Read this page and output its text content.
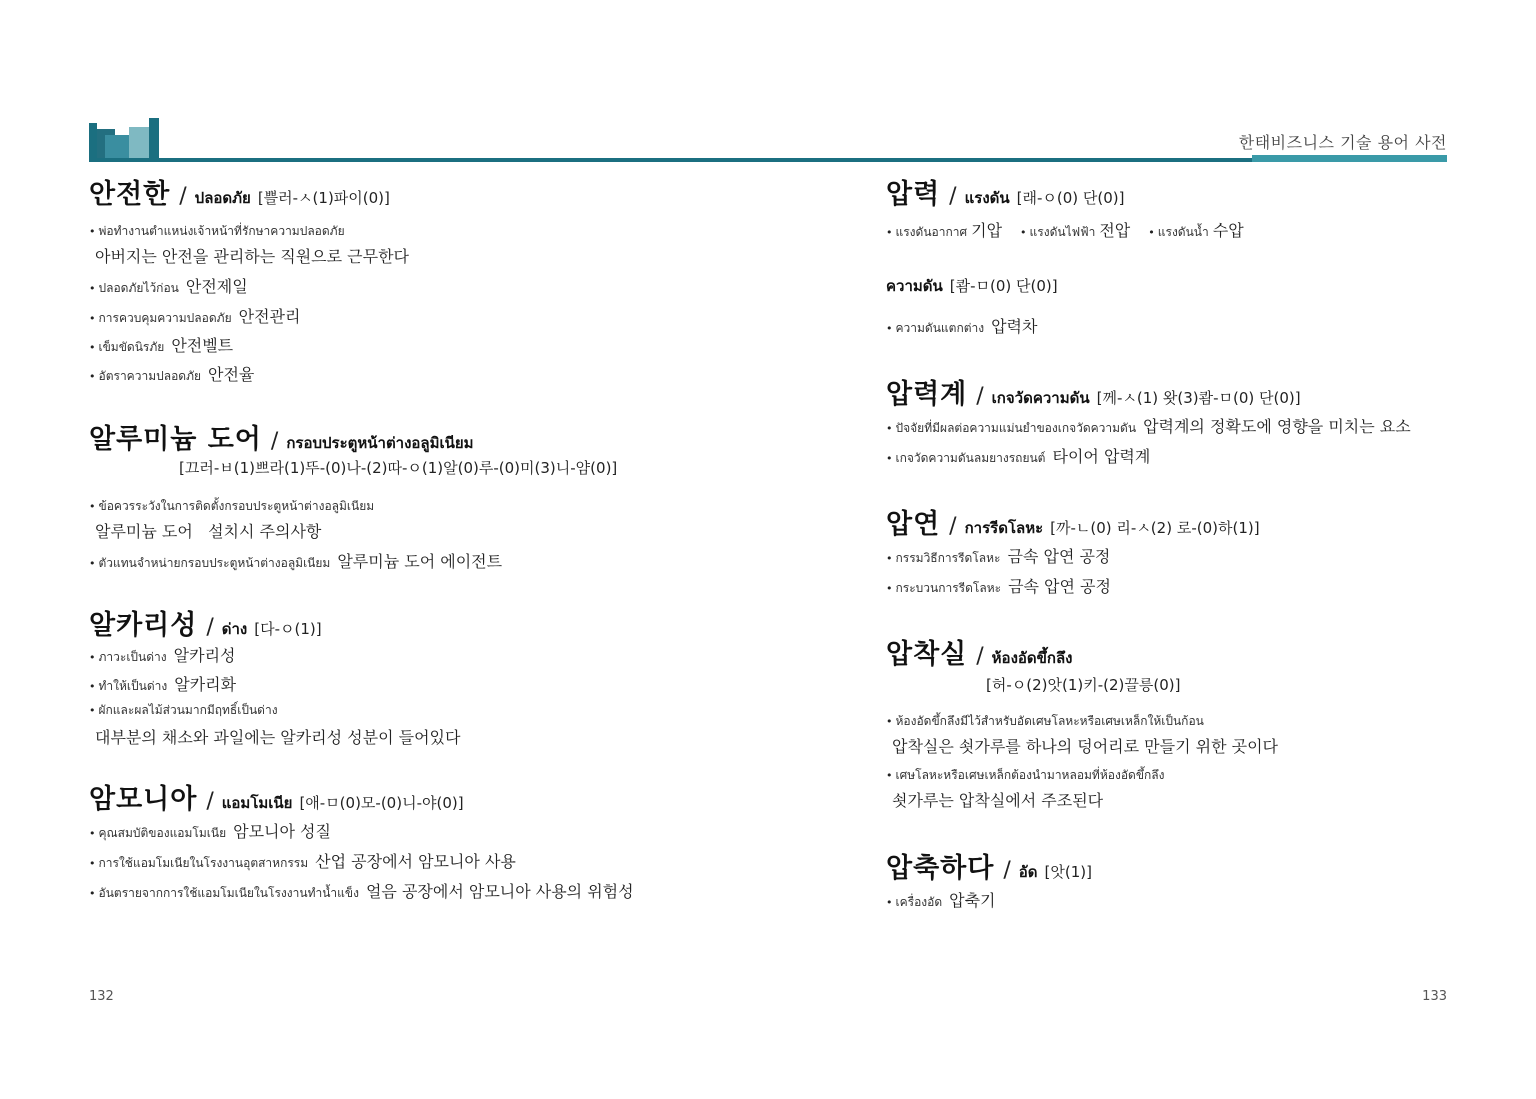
한태비즈니스 기술 용어 사전
안전한 / ปลอดภัย [쁠러-ㅅ(1)파이(0)]
• พ่อทำงานตำแหน่งเจ้าหน้าที่รักษาความปลอดภัย
아버지는 안전을 관리하는 직원으로 근무한다
• ปลอดภัยไว้ก่อน 안전제일
• การควบคุมความปลอดภัย 안전관리
• เข็มขัดนิรภัย 안전벨트
• อัตราความปลอดภัย 안전율
알루미늄 도어 / กรอบประตูหน้าต่างอลูมิเนียม
[끄러-ㅂ(1)쁘라(1)뚜-(0)나-(2)따-ㅇ(1)알(0)루-(0)미(3)니-얌(0)]
• ข้อควรระวังในการติดตั้งกรอบประตูหน้าต่างอลูมิเนียม
알루미늄 도어   설치시 주의사항
• ตัวแทนจำหน่ายกรอบประตูหน้าต่างอลูมิเนียม 알루미늄 도어 에이전트
알카리성 / ด่าง [다-ㅇ(1)]
• ภาวะเป็นด่าง 알카리성
• ทำให้เป็นด่าง 알카리화
• ผักและผลไม้ส่วนมากมีฤทธิ์เป็นด่าง
대부분의 채소와 과일에는 알카리성 성분이 들어있다
암모니아 / แอมโมเนีย [애-ㅁ(0)모-(0)니-야(0)]
• คุณสมบัติของแอมโมเนีย 암모니아 성질
• การใช้แอมโมเนียในโรงงานอุตสาหกรรม 산업 공장에서 암모니아 사용
• อันตรายจากการใช้แอมโมเนียในโรงงานทำน้ำแข็ง 얼음 공장에서 암모니아 사용의 위험성
압력 / แรงดัน [래-ㅇ(0) 단(0)]
• แรงดันอากาศ 기압 • แรงดันไฟฟ้า 전압 • แรงดันน้ำ 수압
ความดัน [쾀-ㅁ(0) 단(0)]
• ความดันแตกต่าง 압력차
압력계 / เกจวัดความดัน [께-ㅅ(1) 왓(3)쾀-ㅁ(0) 단(0)]
• ปัจจัยที่มีผลต่อความแม่นยำของเกจวัดความดัน 압력계의 정확도에 영향을 미치는 요소
• เกจวัดความดันลมยางรถยนต์ 타이어 압력계
압연 / การรีดโลหะ [까-ㄴ(0) 리-ㅅ(2) 로-(0)하(1)]
• กรรมวิธีการรีดโลหะ 금속 압연 공정
• กระบวนการรีดโลหะ 금속 압연 공정
압착실 / ห้องอัดขึ้กลึง
[허-ㅇ(2)앗(1)키-(2)끌릉(0)]
• ห้องอัดขึ้กลึงมีไว้สำหรับอัดเศษโลหะหรือเศษเหล็กให้เป็นก้อน
압착실은 쇳가루를 하나의 덩어리로 만들기 위한 곳이다
• เศษโลหะหรือเศษเหล็กต้องนำมาหลอมที่ห้องอัดขึ้กลึง
쇳가루는 압착실에서 주조된다
압축하다 / อัด [앗(1)]
• เครื่องอัด 압축기
132	133
